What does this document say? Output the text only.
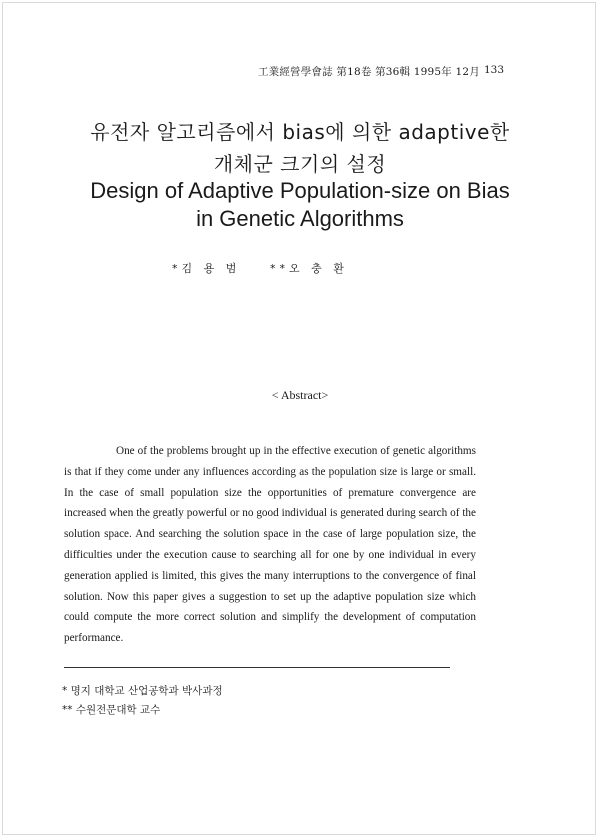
工業經營學會誌 第18卷 第36輯 1995年 12月 133
유전자 알고리즘에서 bias에 의한 adaptive한
개체군 크기의 설정
Design of Adaptive Population-size on Bias
in Genetic Algorithms
*김 용 범	**오 충 환
< Abstract>

One of the problems brought up in the effective execution of genetic algorithms is that if they come under any influences according as the population size is large or small. In the case of small population size the opportunities of premature convergence are increased when the greatly powerful or no good individual is generated during search of the solution space. And searching the solution space in the case of large population size, the difficulties under the execution cause to searching all for one by one individual in every generation applied is limited, this gives the many interruptions to the convergence of final solution. Now this paper gives a suggestion to set up the adaptive population size which could compute the more correct solution and simplify the development of computation performance.

* 명지 대학교 산업공학과 박사과정
** 수원전문대학 교수
